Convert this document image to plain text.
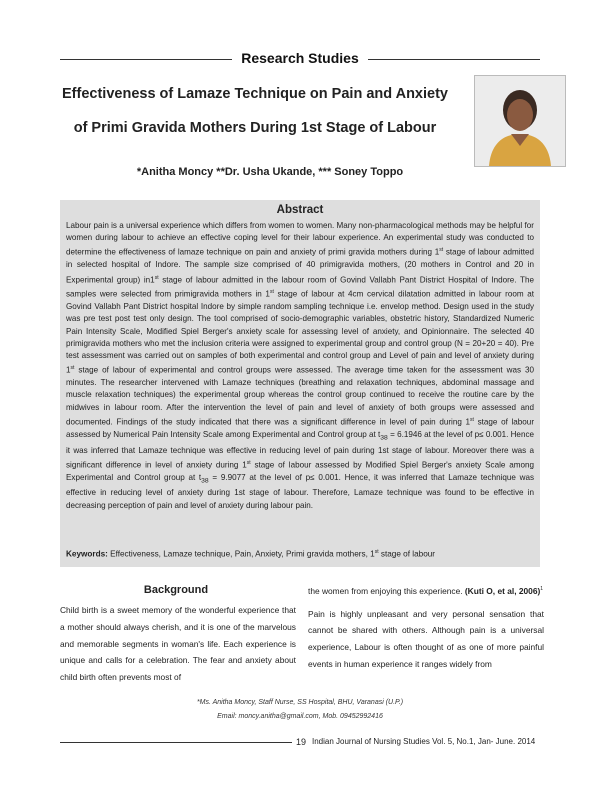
Research Studies
Effectiveness of Lamaze Technique on Pain and Anxiety
of Primi Gravida Mothers During 1st Stage of Labour
*Anitha Moncy **Dr. Usha Ukande, *** Soney Toppo
Abstract

Labour pain is a universal experience which differs from women to women. Many non-pharmacological methods may be helpful for women during labour to achieve an effective coping level for their labour experience. An experimental study was conducted to determine the effectiveness of lamaze technique on pain and anxiety of primi gravida mothers during 1st stage of labour admitted in selected hospital of Indore. The sample size comprised of 40 primigravida mothers, (20 mothers in Control and 20 in Experimental group) in1st stage of labour admitted in the labour room of Govind Vallabh Pant District Hospital of Indore. The samples were selected from primigravida mothers in 1st stage of labour at 4cm cervical dilatation admitted in labour room at Govind Vallabh Pant District hospital Indore by simple random sampling technique i.e. envelop method. Design used in the study was pre test post test only design. The tool comprised of socio-demographic variables, obstetric history, Standardized Numeric Pain Intensity Scale, Modified Spiel Berger's anxiety scale for assessing level of anxiety, and Opinionnaire. The selected 40 primigravida mothers who met the inclusion criteria were assigned to experimental group and control group (N = 20+20 = 40). Pre test assessment was carried out on samples of both experimental and control group and Level of pain and level of anxiety during 1st stage of labour of experimental and control groups were assessed. The average time taken for the assessment was 30 minutes. The researcher intervened with Lamaze techniques (breathing and relaxation techniques, abdominal massage and muscle relaxation techniques) the experimental group whereas the control group continued to receive the routine care by the midwives in labour room. After the intervention the level of pain and level of anxiety of both groups were assessed and documented. Findings of the study indicated that there was a significant difference in level of pain during 1st stage of labour assessed by Numerical Pain Intensity Scale among Experimental and Control group at $t_{38} = 6.1946$ at the level of p≤ 0.001. Hence it was inferred that Lamaze technique was effective in reducing level of pain during 1st stage of labour. Moreover there was a significant difference in level of anxiety during 1st stage of labour assessed by Modified Spiel Berger's anxiety Scale among Experimental and Control group at $t_{38} = 9.9077$ at the level of p≤ 0.001. Hence, it was inferred that Lamaze technique was effective in reducing level of anxiety during 1st stage of labour. Therefore, Lamaze technique was found to be effective in decreasing perception of pain and level of anxiety during labour pain.

Keywords: Effectiveness, Lamaze technique, Pain, Anxiety, Primi gravida mothers, 1st stage of labour
Background
Child birth is a sweet memory of the wonderful experience that a mother should always cherish, and it is one of the marvelous and memorable segments in woman's life. Each experience is unique and calls for a celebration. The fear and anxiety about child birth often prevents most of

the women from enjoying this experience. (Kuti O, et al, 2006)$^1$

Pain is highly unpleasant and very personal sensation that cannot be shared with others. Although pain is a universal experience, Labour is often thought of as one of more painful events in human experience it ranges widely from

*Ms. Anitha Moncy, Staff Nurse, SS Hospital, BHU, Varanasi (U.P.)
Email: moncy.anitha@gmail.com, Mob. 09452992416
19 Indian Journal of Nursing Studies Vol. 5, No.1, Jan- June. 2014
